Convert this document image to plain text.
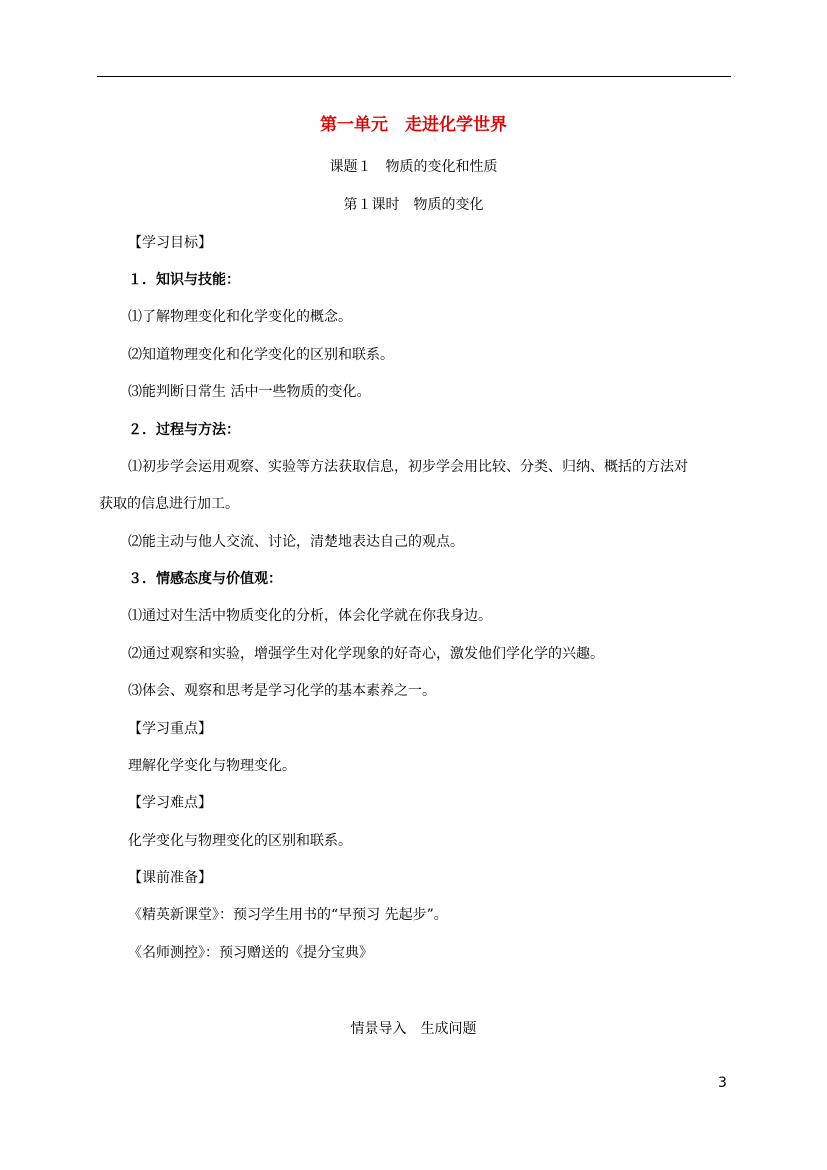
第一单元　走进化学世界
课题１　物质的变化和性质
第１课时　物质的变化
【学习目标】
１．知识与技能：
⑴了解物理变化和化学变化的概念。
⑵知道物理变化和化学变化的区别和联系。
⑶能判断日常生 活中一些物质的变化。
２．过程与方法：
⑴初步学会运用观察、实验等方法获取信息，初步学会用比较、分类、归纳、概括的方法对
获取的信息进行加工。
⑵能主动与他人交流、讨论，清楚地表达自己的观点。
３．情感态度与价值观：
⑴通过对生活中物质变化的分析，体会化学就在你我身边。
⑵通过观察和实验，增强学生对化学现象的好奇心，激发他们学化学的兴趣。
⑶体会、观察和思考是学习化学的基本素养之一。
【学习重点】
理解化学变化与物理变化。
【学习难点】
化学变化与物理变化的区别和联系。
【课前准备】
《精英新课堂》：预习学生用书的“早预习 先起步”。
《名师测控》：预习赠送的《提分宝典》
情景导入　生成问题
3
